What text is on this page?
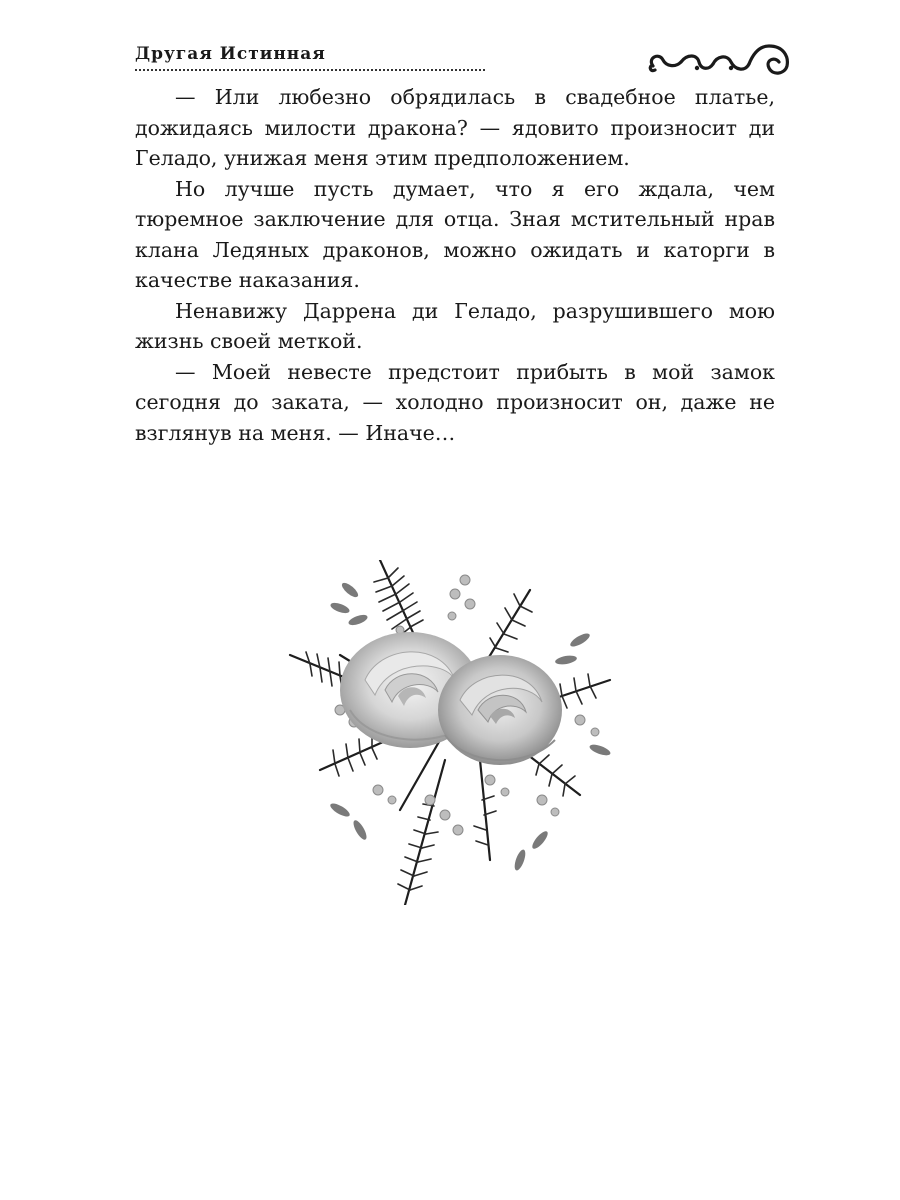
Другая Истинная

— Или любезно обрядилась в свадебное платье, дожидаясь милости дракона? — ядовито произносит ди Геладо, унижая меня этим предположением.

Но лучше пусть думает, что я его ждала, чем тюремное заключение для отца. Зная мстительный нрав клана Ледяных драконов, можно ожидать и каторги в качестве наказания.

Ненавижу Даррена ди Геладо, разрушившего мою жизнь своей меткой.

— Моей невесте предстоит прибыть в мой замок сегодня до заката, — холодно произносит он, даже не взглянув на меня. — Иначе…
